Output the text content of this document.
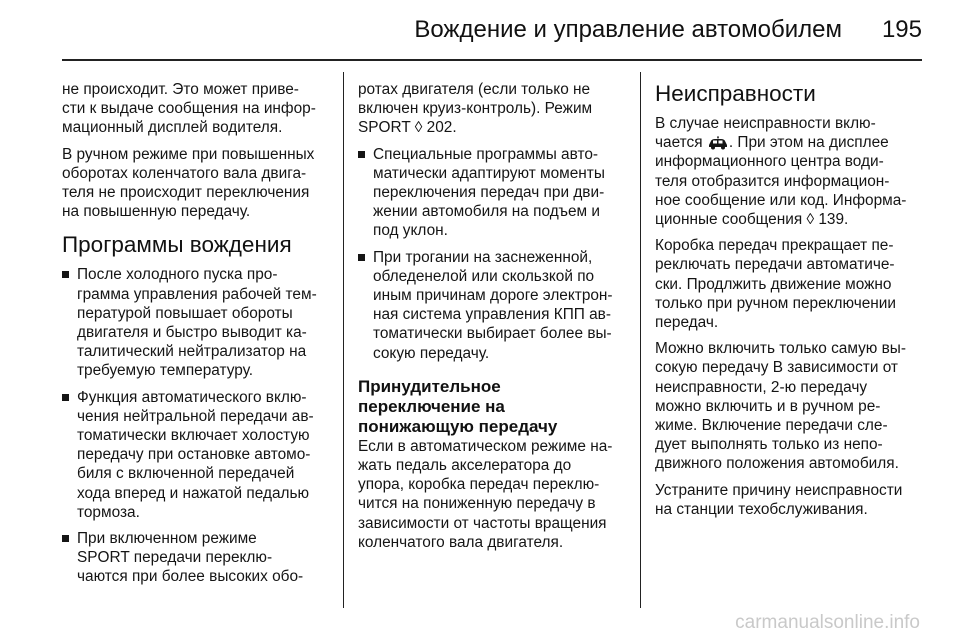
Вождение и управление автомобилем 195

не происходит. Это может приве-
сти к выдаче сообщения на инфор-
мационный дисплей водителя.

В ручном режиме при повышенных
оборотах коленчатого вала двига-
теля не происходит переключения
на повышенную передачу.

Программы вождения
После холодного пуска про-
грамма управления рабочей тем-
пературой повышает обороты
двигателя и быстро выводит ка-
талитический нейтрализатор на
требуемую температуру.
Функция автоматического вклю-
чения нейтральной передачи ав-
томатически включает холостую
передачу при остановке автомо-
биля с включенной передачей
хода вперед и нажатой педалью
тормоза.
При включенном режиме
SPORT передачи переклю-
чаются при более высоких обо-

ротах двигателя (если только не
включен круиз-контроль). Режим
SPORT ◊ 202.

Специальные программы авто-
матически адаптируют моменты
переключения передач при дви-
жении автомобиля на подъем и
под уклон.
При трогании на заснеженной,
обледенелой или скользкой по
иным причинам дороге электрон-
ная система управления КПП ав-
томатически выбирает более вы-
сокую передачу.
Принудительное
переключение на
понижающую передачу

Если в автоматическом режиме на-
жать педаль акселератора до
упора, коробка передач переклю-
чится на пониженную передачу в
зависимости от частоты вращения
коленчатого вала двигателя.

Неисправности

В случае неисправности вклю-
чается . При этом на дисплее
информационного центра води-
теля отобразится информацион-
ное сообщение или код. Информа-
ционные сообщения ◊ 139.

Коробка передач прекращает пе-
реключать передачи автоматиче-
ски. Продлжить движение можно
только при ручном переключении
передач.

Можно включить только самую вы-
сокую передачу В зависимости от
неисправности, 2-ю передачу
можно включить и в ручном ре-
жиме. Включение передачи сле-
дует выполнять только из непо-
движного положения автомобиля.

Устраните причину неисправности
на станции техобслуживания.

carmanualsonline.info
